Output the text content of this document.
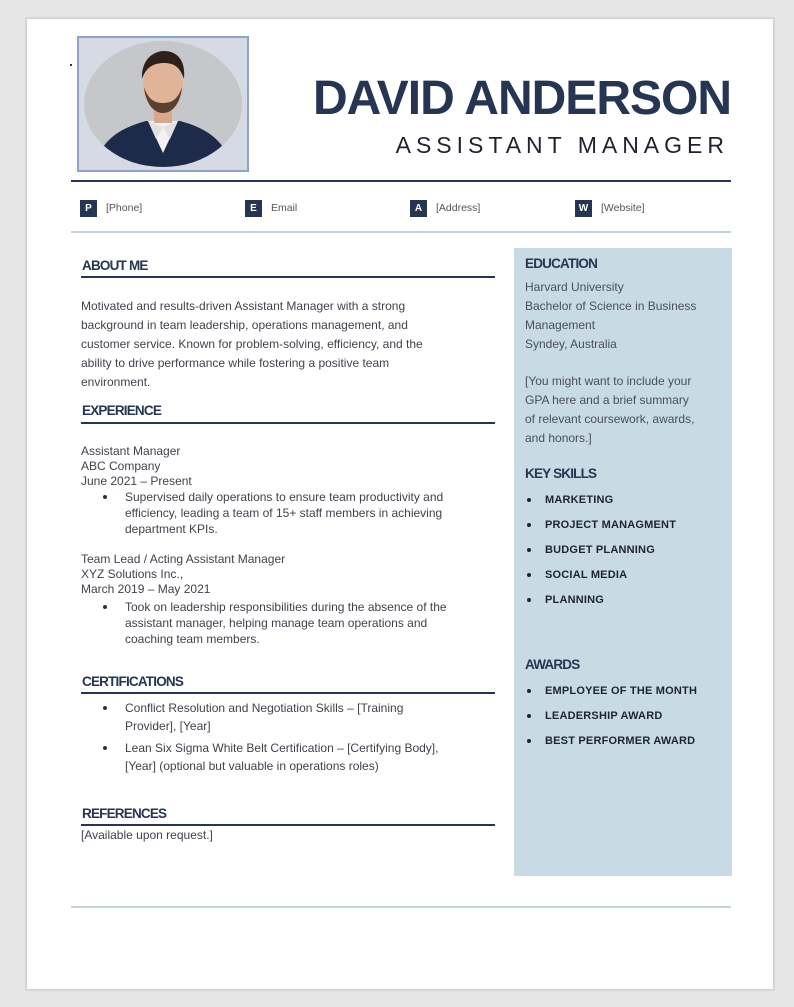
DAVID ANDERSON
ASSISTANT MANAGER
P	[Phone]	E	Email	A	[Address]	W	[Website]
ABOUT ME
Motivated and results-driven Assistant Manager with a strong
background in team leadership, operations management, and
customer service. Known for problem-solving, efficiency, and the
ability to drive performance while fostering a positive team
environment.
EXPERIENCE
Assistant Manager
ABC Company
June 2021 – Present
Supervised daily operations to ensure team productivity and
efficiency, leading a team of 15+ staff members in achieving
department KPIs.
Team Lead / Acting Assistant Manager
XYZ Solutions Inc.,
March 2019 – May 2021
Took on leadership responsibilities during the absence of the
assistant manager, helping manage team operations and
coaching team members.
CERTIFICATIONS
Conflict Resolution and Negotiation Skills – [Training
Provider], [Year]
Lean Six Sigma White Belt Certification – [Certifying Body],
[Year] (optional but valuable in operations roles)
REFERENCES
[Available upon request.]
EDUCATION
Harvard University
Bachelor of Science in Business
Management
Syndey, Australia
[You might want to include your
GPA here and a brief summary
of relevant coursework, awards,
and honors.]
KEY SKILLS
MARKETING
PROJECT MANAGMENT
BUDGET PLANNING
SOCIAL MEDIA
PLANNING
AWARDS
EMPLOYEE OF THE MONTH
LEADERSHIP AWARD
BEST PERFORMER AWARD
